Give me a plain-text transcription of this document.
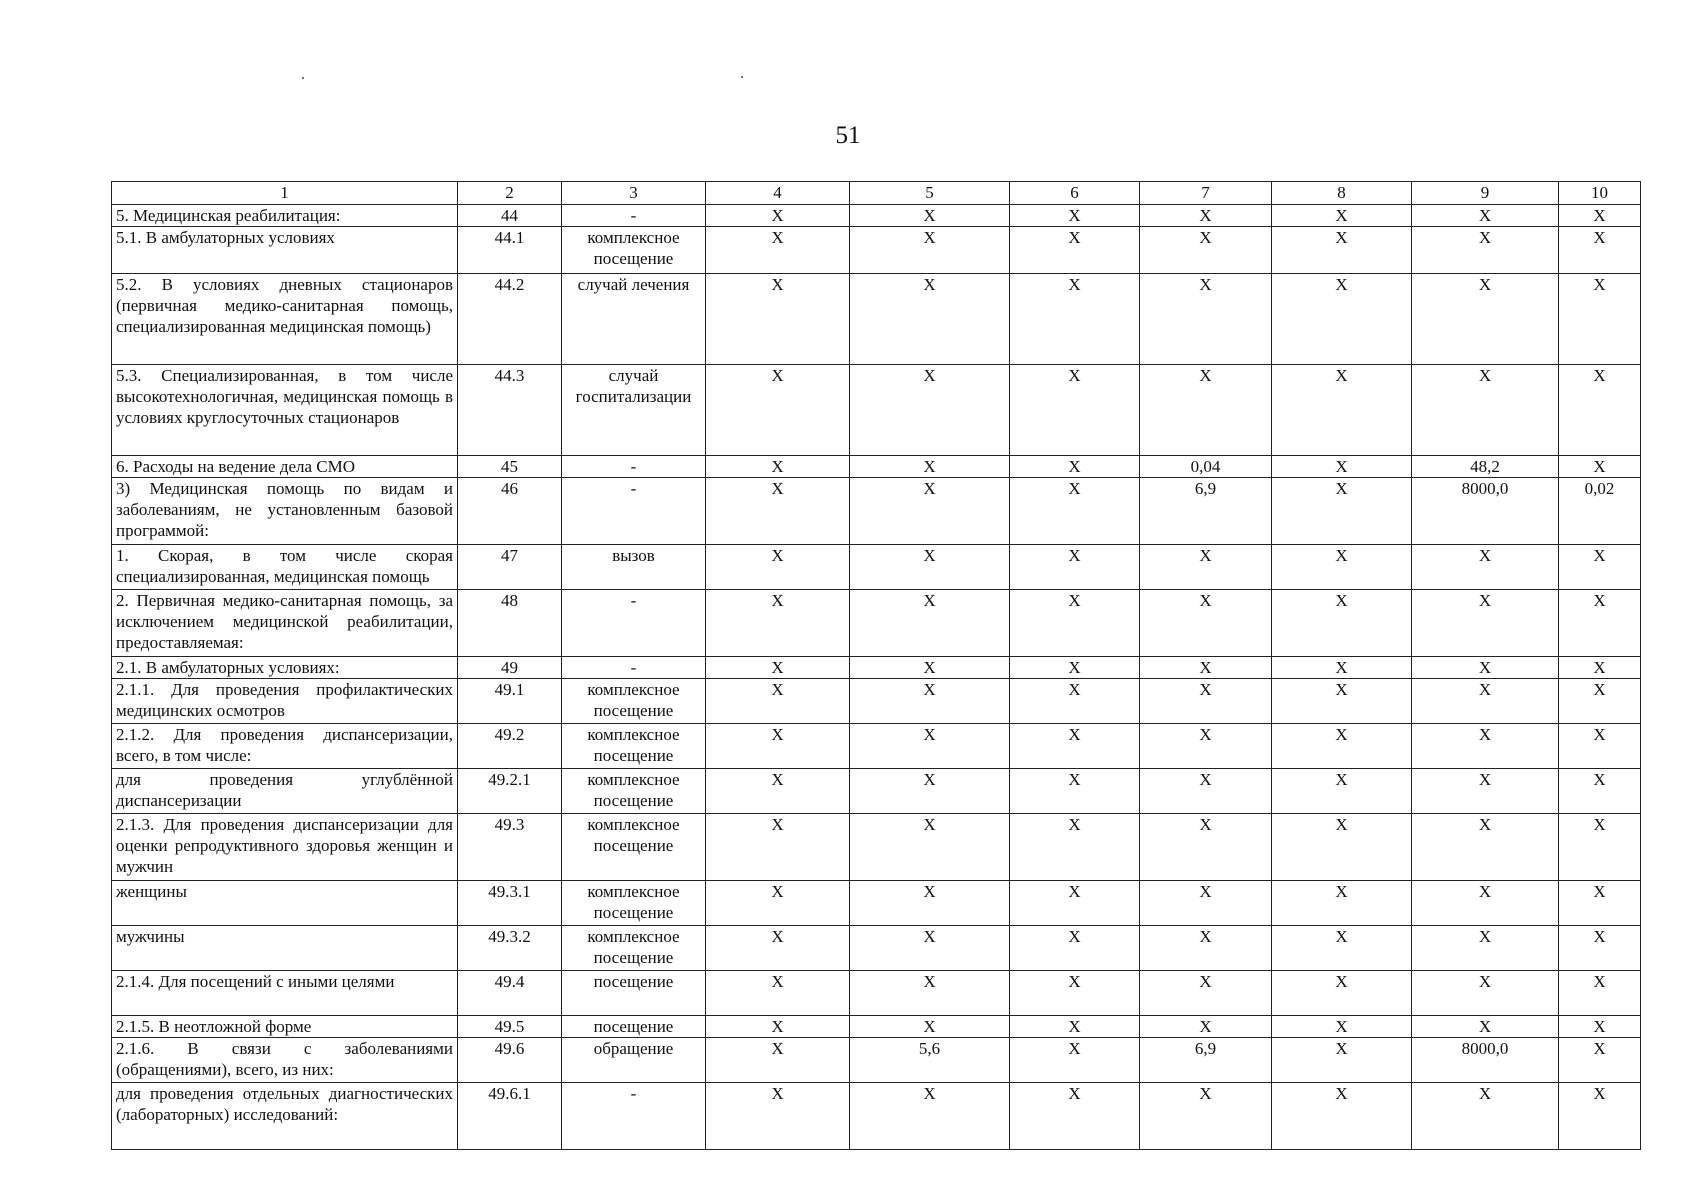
51
1	2	3	4	5	6	7	8	9	10
5. Медицинская реабилитация:	44	-	X	X	X	X	X	X	X
5.1. В амбулаторных условиях	44.1	комплексное посещение	X	X	X	X	X	X	X
5.2. В условиях дневных стационаров (первичная медико-санитарная помощь, специализированная медицинская помощь)	44.2	случай лечения	X	X	X	X	X	X	X
5.3. Специализированная, в том числе высокотехнологичная, медицинская помощь в условиях круглосуточных стационаров	44.3	случай госпитализации	X	X	X	X	X	X	X
6. Расходы на ведение дела СМО	45	-	X	X	X	0,04	X	48,2	X
3) Медицинская помощь по видам и заболеваниям, не установленным базовой программой:	46	-	X	X	X	6,9	X	8000,0	0,02
1. Скорая, в том числе скорая специализированная, медицинская помощь	47	вызов	X	X	X	X	X	X	X
2. Первичная медико-санитарная помощь, за исключением медицинской реабилитации, предоставляемая:	48	-	X	X	X	X	X	X	X
2.1. В амбулаторных условиях:	49	-	X	X	X	X	X	X	X
2.1.1. Для проведения профилактических медицинских осмотров	49.1	комплексное посещение	X	X	X	X	X	X	X
2.1.2. Для проведения диспансеризации, всего, в том числе:	49.2	комплексное посещение	X	X	X	X	X	X	X
для проведения углублённой диспансеризации	49.2.1	комплексное посещение	X	X	X	X	X	X	X
2.1.3. Для проведения диспансеризации для оценки репродуктивного здоровья женщин и мужчин	49.3	комплексное посещение	X	X	X	X	X	X	X
женщины	49.3.1	комплексное посещение	X	X	X	X	X	X	X
мужчины	49.3.2	комплексное посещение	X	X	X	X	X	X	X
2.1.4. Для посещений с иными целями	49.4	посещение	X	X	X	X	X	X	X
2.1.5. В неотложной форме	49.5	посещение	X	X	X	X	X	X	X
2.1.6. В связи с заболеваниями (обращениями), всего, из них:	49.6	обращение	X	5,6	X	6,9	X	8000,0	X
для проведения отдельных диагностических (лабораторных) исследований:	49.6.1	-	X	X	X	X	X	X	X
